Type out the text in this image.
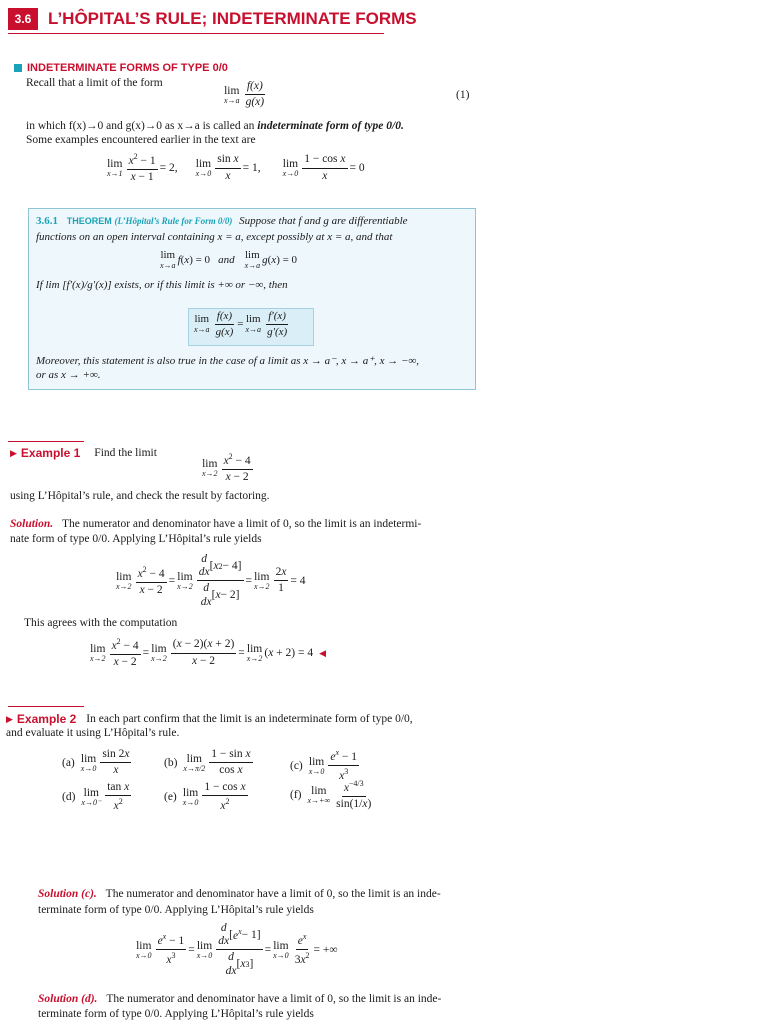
3.6 L’HÔPITAL’S RULE; INDETERMINATE FORMS
INDETERMINATE FORMS OF TYPE 0/0
Recall that a limit of the form
lim
$x\to a \frac{f(x)}{g(x)}$	(1)
in which f(x)→0 and g(x)→0 as x→a is called an indeterminate form of type 0/0.
Some examples encountered earlier in the text are
lim
$x\to 1 \frac{x^2 - 1}{x - 1} = 2$, lim
$x\to 0 \frac{\text{sin x}}{x} = 1$, lim
$x\to 0 \frac{\text{1 − cos x}}{x} = 0$
3.6.1 THEOREM (L’Hôpital’s Rule for Form 0/0) Suppose that f and g are differentiable
functions on an open interval containing x = a, except possibly at x = a, and that
lim
x→a f ( x ) = 0 and lim
x→a g ( x ) = 0
If lim [f′(x)/g′(x)] exists, or if this limit is +∞ or −∞, then
lim
$x\to a \frac{f(x)}{g(x)} = \lim$
$x\to a \frac{f'(x)}{g'(x)}$
Moreover, this statement is also true in the case of a limit as x → a⁻, x → a⁺, x → −∞,
or as x → +∞.
▶ Example 1 Find the limit
lim
$x\to 2 \frac{x^2 - 4}{x - 2}$
using L’Hôpital’s rule, and check the result by factoring.
Solution. The numerator and denominator have a limit of 0, so the limit is an indetermi-
nate form of type 0/0. Applying L’Hôpital’s rule yields
lim
$x\to 2 \frac{x^2 - 4}{x - 2} = \lim$
x→2 d
dx
[ x 2 − 4]
d
dx
[ x − 2] = lim
$x\to 2 \frac{2x}{1} = 4$
This agrees with the computation
lim
$x\to 2 \frac{x^2 - 4}{x - 2} = \lim$
$x\to 2 \frac{(x - 2)(x + 2)}{x - 2} = \lim$
x→2 (x + 2) = 4 ◀
▶ Example 2 In each part confirm that the limit is an indeterminate form of type 0/0,
and evaluate it using L’Hôpital’s rule.
(a) lim
$x\to 0 \frac{\sin 2x}{x}$	(b) lim
$x\to\pi/2 \frac{\text{1 − sin x}}{\text{cos x}}$	(c) lim
$x\to 0 \frac{e^x - 1}{x^3}$
(d) lim
$x\to 0^- \frac{\text{tan x}}{x^2}$	(e) lim
$x\to 0 \frac{\text{1 − cos x}}{x^2}$	(f) lim
$x\to+\infty \frac{x^{-4/3}}{\sin(1/x)}$
Solution (c). The numerator and denominator have a limit of 0, so the limit is an inde-
terminate form of type 0/0. Applying L’Hôpital’s rule yields
lim
$x\to 0 \frac{e^x - 1}{x^3} = \lim$
x→0 d
dx
[ $e^x - 1$]
d
dx
[ x 3 ] = lim
$x\to 0 \frac{e^x}{3x^2}$ = +∞
Solution (d). The numerator and denominator have a limit of 0, so the limit is an inde-
terminate form of type 0/0. Applying L’Hôpital’s rule yields
